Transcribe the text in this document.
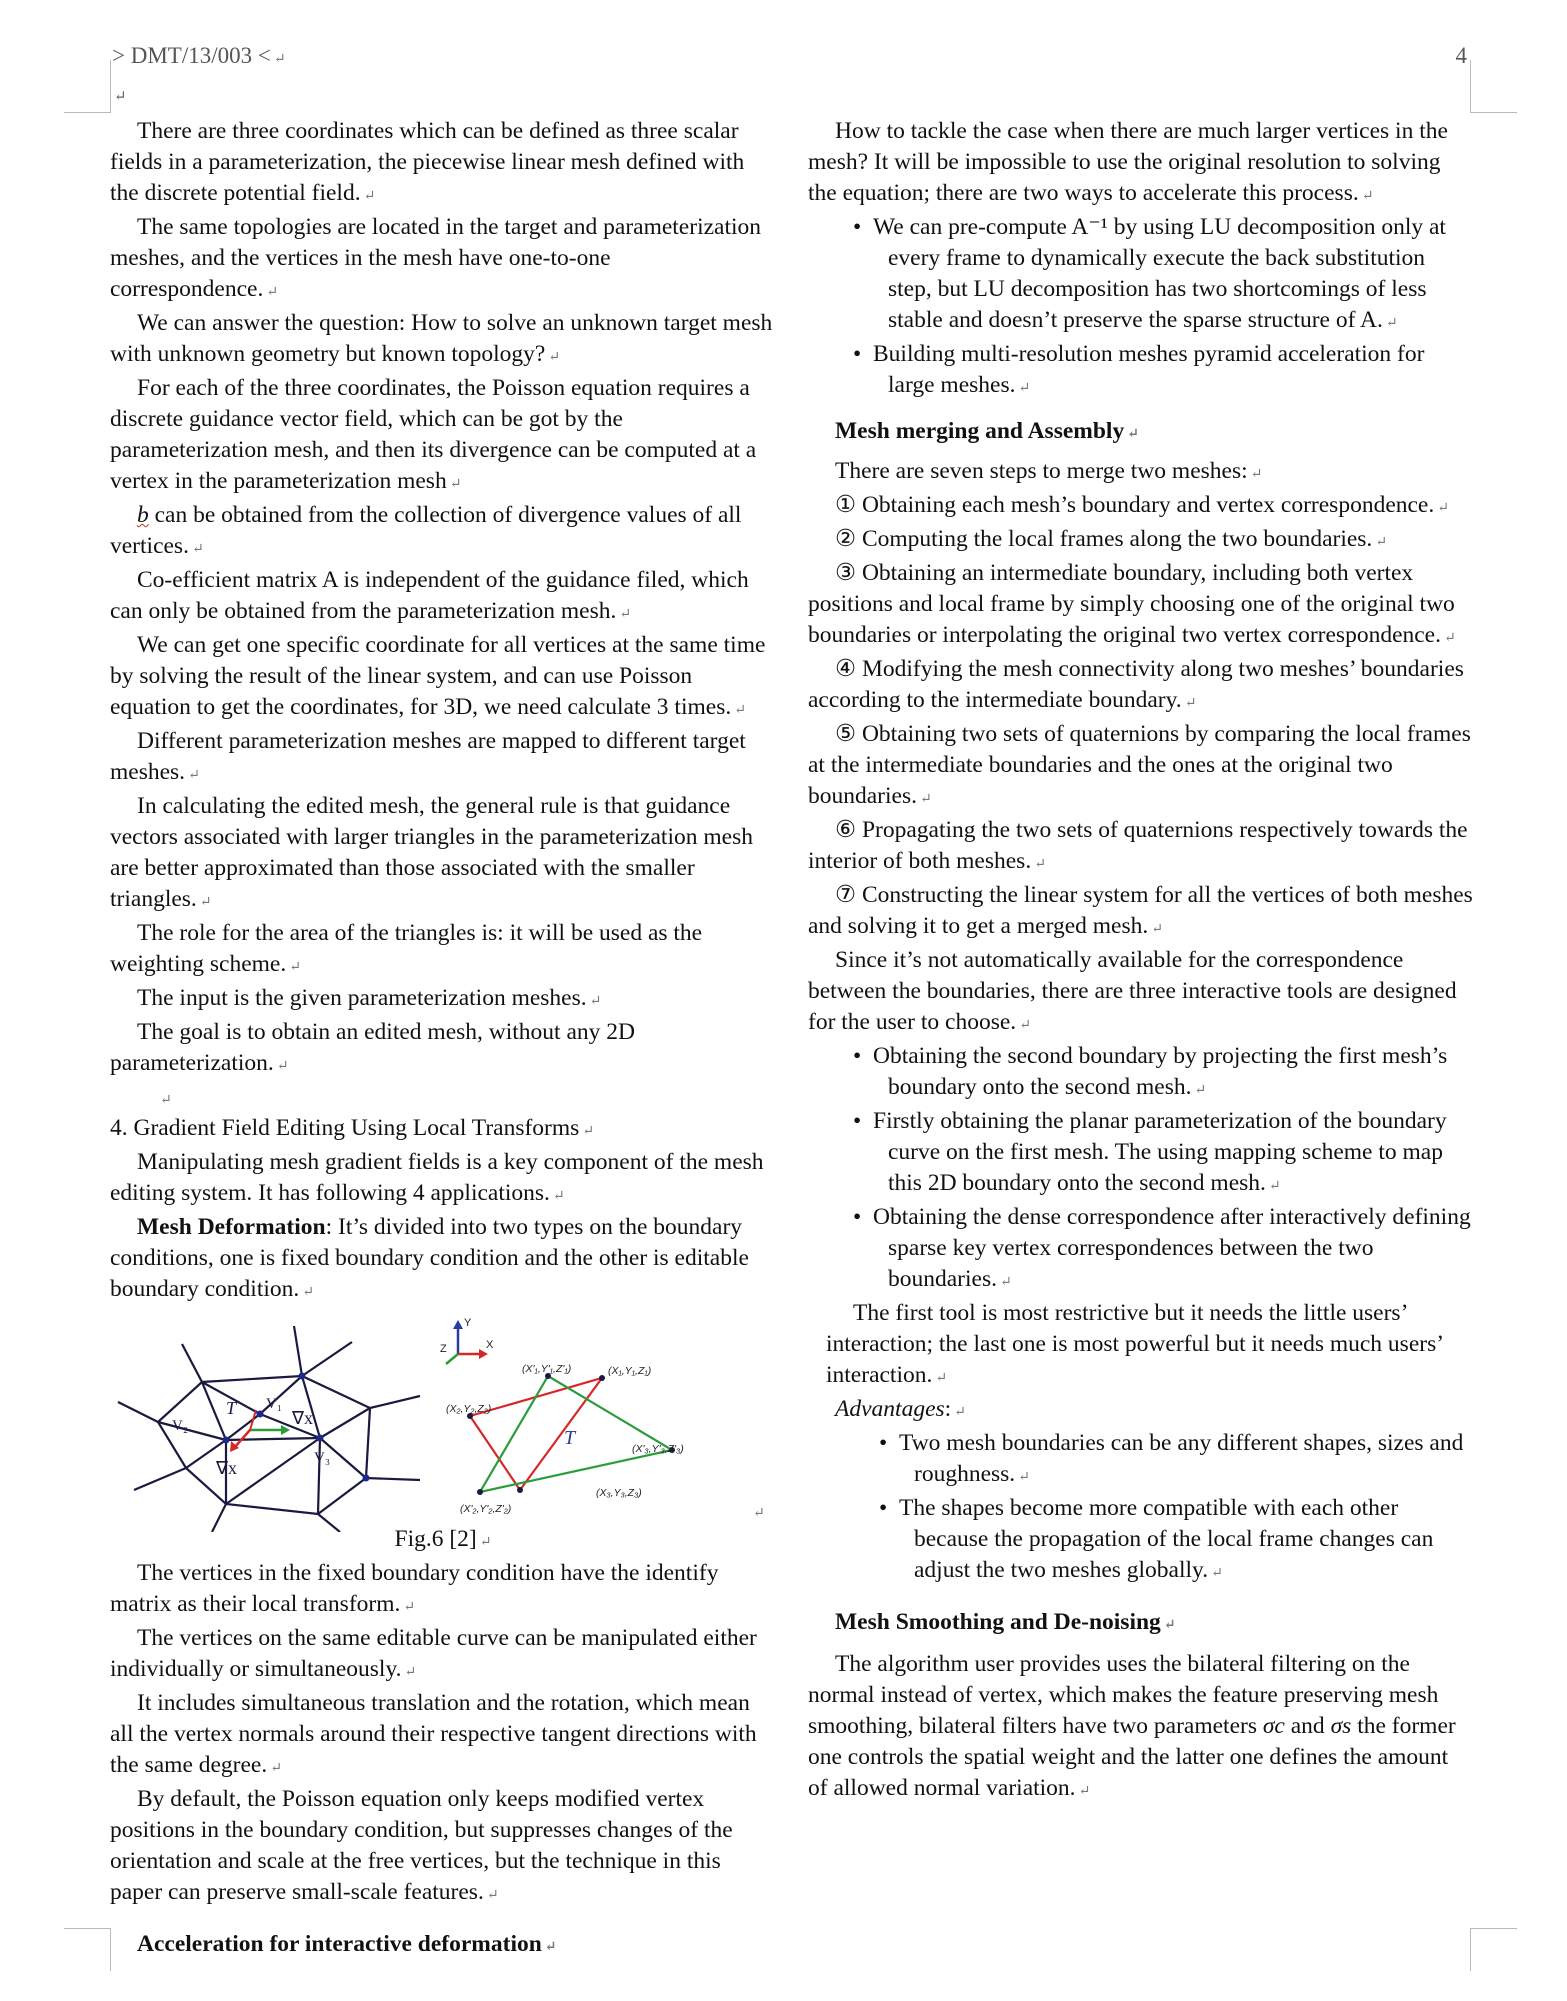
> DMT/13/003 < ↵	4
↵

There are three coordinates which can be defined as three scalar fields in a parameterization, the piecewise linear mesh defined with the discrete potential field. ↵

The same topologies are located in the target and parameterization meshes, and the vertices in the mesh have one-to-one correspondence. ↵

We can answer the question: How to solve an unknown target mesh with unknown geometry but known topology? ↵

For each of the three coordinates, the Poisson equation requires a discrete guidance vector field, which can be got by the parameterization mesh, and then its divergence can be computed at a vertex in the parameterization mesh ↵

b can be obtained from the collection of divergence values of all vertices. ↵

Co-efficient matrix A is independent of the guidance filed, which can only be obtained from the parameterization mesh. ↵

We can get one specific coordinate for all vertices at the same time by solving the result of the linear system, and can use Poisson equation to get the coordinates, for 3D, we need calculate 3 times. ↵

Different parameterization meshes are mapped to different target meshes. ↵

In calculating the edited mesh, the general rule is that guidance vectors associated with larger triangles in the parameterization mesh are better approximated than those associated with the smaller triangles. ↵

The role for the area of the triangles is: it will be used as the weighting scheme. ↵

The input is the given parameterization meshes. ↵

The goal is to obtain an edited mesh, without any 2D parameterization. ↵

↵

4. Gradient Field Editing Using Local Transforms ↵

Manipulating mesh gradient fields is a key component of the mesh editing system. It has following 4 applications. ↵

Mesh Deformation: It’s divided into two types on the boundary conditions, one is fixed boundary condition and the other is editable boundary condition. ↵

V₁
V₂
V₃
T	∇x
∇x
Y
X
Z
T
(X'₁,Y'₁,Z'₁)	(X₁,Y₁,Z₁)
(X₂,Y₂,Z₂)
(X'₃,Y'₃,Z'₃)
(X'₂,Y'₂,Z'₂)
(X₃,Y₃,Z₃)
↵

Fig.6 [2] ↵

The vertices in the fixed boundary condition have the identify matrix as their local transform. ↵

The vertices on the same editable curve can be manipulated either individually or simultaneously. ↵

It includes simultaneous translation and the rotation, which mean all the vertex normals around their respective tangent directions with the same degree. ↵

By default, the Poisson equation only keeps modified vertex positions in the boundary condition, but suppresses changes of the orientation and scale at the free vertices, but the technique in this paper can preserve small-scale features. ↵

Acceleration for interactive deformation ↵

How to tackle the case when there are much larger vertices in the mesh? It will be impossible to use the original resolution to solving the equation; there are two ways to accelerate this process. ↵

• We can pre-compute A⁻¹ by using LU decomposition only at every frame to dynamically execute the back substitution step, but LU decomposition has two shortcomings of less stable and doesn’t preserve the sparse structure of A. ↵
• Building multi-resolution meshes pyramid acceleration for large meshes. ↵

Mesh merging and Assembly ↵

There are seven steps to merge two meshes: ↵

① Obtaining each mesh’s boundary and vertex correspondence. ↵

② Computing the local frames along the two boundaries. ↵

③ Obtaining an intermediate boundary, including both vertex positions and local frame by simply choosing one of the original two boundaries or interpolating the original two vertex correspondence. ↵

④ Modifying the mesh connectivity along two meshes’ boundaries according to the intermediate boundary. ↵

⑤ Obtaining two sets of quaternions by comparing the local frames at the intermediate boundaries and the ones at the original two boundaries. ↵

⑥ Propagating the two sets of quaternions respectively towards the interior of both meshes. ↵

⑦ Constructing the linear system for all the vertices of both meshes and solving it to get a merged mesh. ↵

Since it’s not automatically available for the correspondence between the boundaries, there are three interactive tools are designed for the user to choose. ↵

• Obtaining the second boundary by projecting the first mesh’s boundary onto the second mesh. ↵
• Firstly obtaining the planar parameterization of the boundary curve on the first mesh. The using mapping scheme to map this 2D boundary onto the second mesh. ↵
• Obtaining the dense correspondence after interactively defining sparse key vertex correspondences between the two boundaries. ↵

The first tool is most restrictive but it needs the little users’ interaction; the last one is most powerful but it needs much users’ interaction. ↵

Advantages: ↵

• Two mesh boundaries can be any different shapes, sizes and roughness. ↵
• The shapes become more compatible with each other because the propagation of the local frame changes can adjust the two meshes globally. ↵

Mesh Smoothing and De-noising ↵

The algorithm user provides uses the bilateral filtering on the normal instead of vertex, which makes the feature preserving mesh smoothing, bilateral filters have two parameters σc and σs the former one controls the spatial weight and the latter one defines the amount of allowed normal variation. ↵
